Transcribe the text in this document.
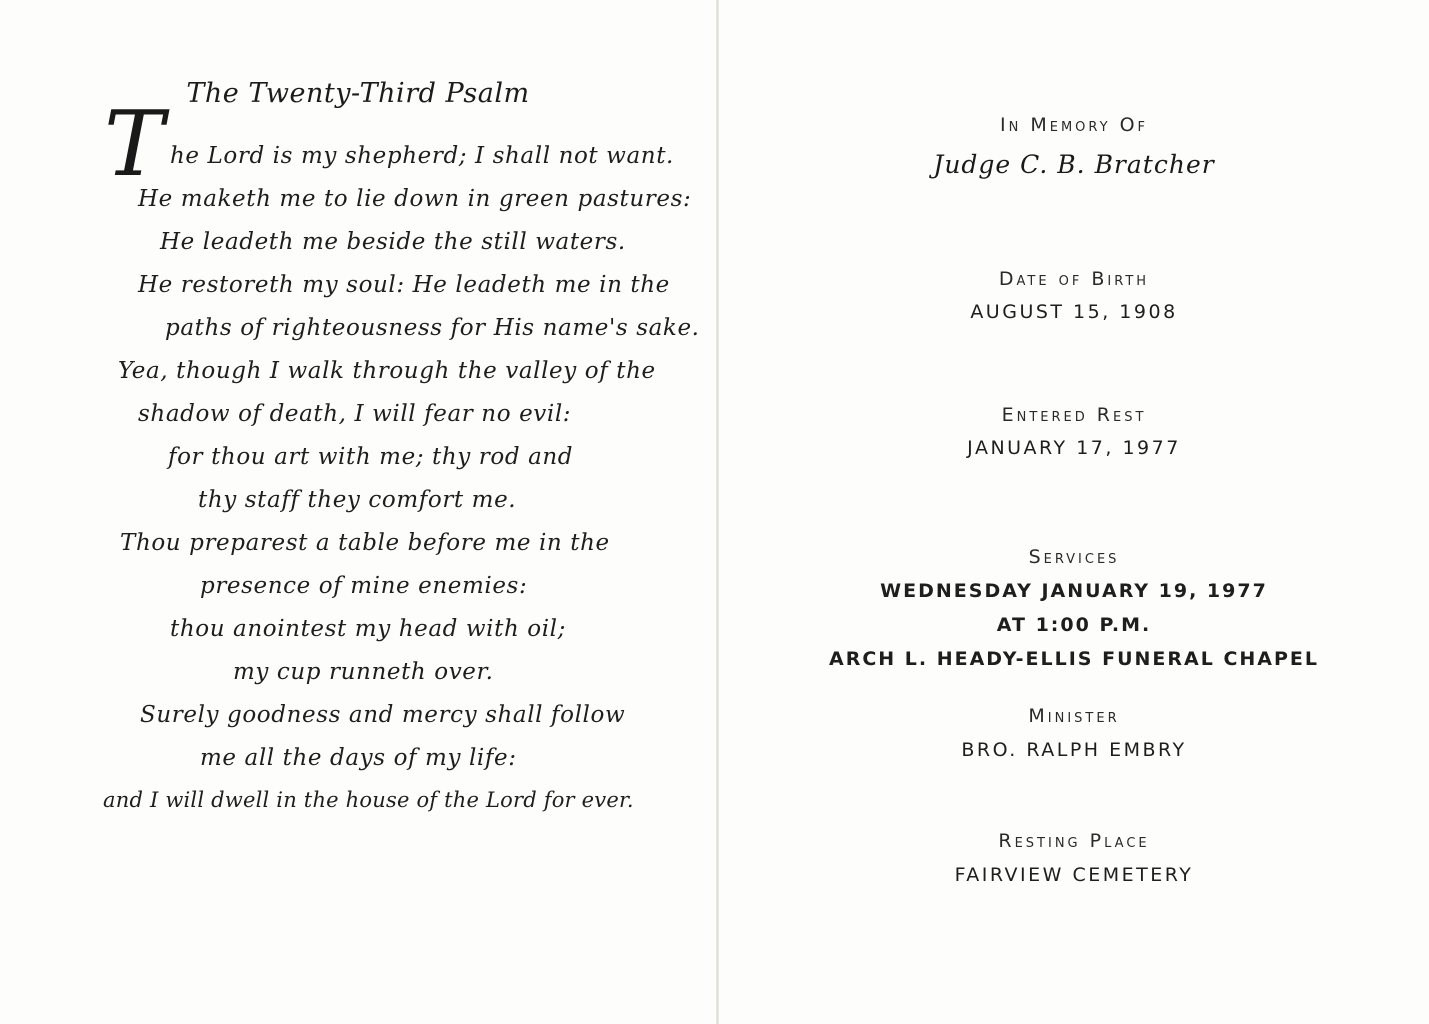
The Twenty-Third Psalm
T he Lord is my shepherd; I shall not want.
He maketh me to lie down in green pastures:
He leadeth me beside the still waters.
He restoreth my soul: He leadeth me in the
paths of righteousness for His name's sake.
Yea, though I walk through the valley of the
shadow of death, I will fear no evil:
for thou art with me; thy rod and
thy staff they comfort me.
Thou preparest a table before me in the
presence of mine enemies:
thou anointest my head with oil;
my cup runneth over.
Surely goodness and mercy shall follow
me all the days of my life:
and I will dwell in the house of the Lord for ever.

In Memory Of

Judge C. B. Bratcher

Date of Birth

AUGUST 15, 1908

Entered Rest

JANUARY 17, 1977

Services

WEDNESDAY JANUARY 19, 1977

AT 1:00 P.M.

ARCH L. HEADY-ELLIS FUNERAL CHAPEL

Minister

BRO. RALPH EMBRY

Resting Place

FAIRVIEW CEMETERY
